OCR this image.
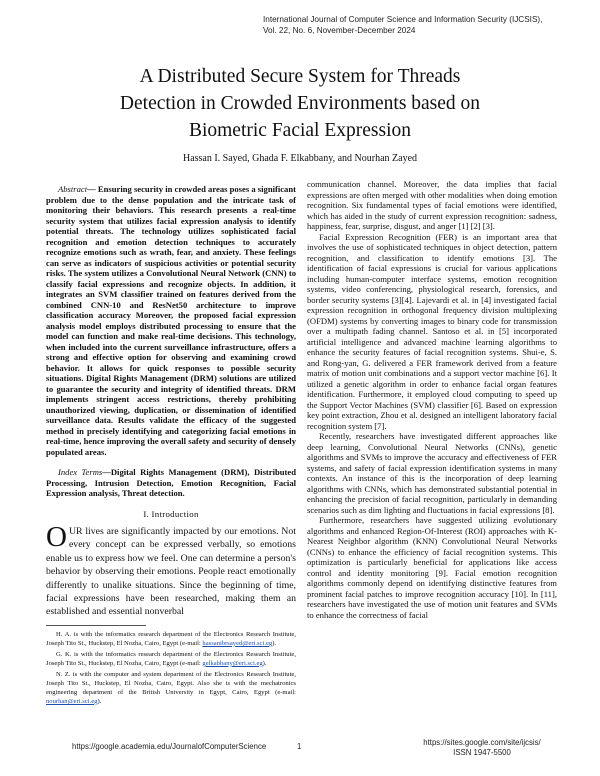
International Journal of Computer Science and Information Security (IJCSIS),
Vol. 22, No. 6, November-December 2024
A Distributed Secure System for Threads
Detection in Crowded Environments based on
Biometric Facial Expression
Hassan I. Sayed, Ghada F. Elkabbany, and Nourhan Zayed

Abstract— Ensuring security in crowded areas poses a significant problem due to the dense population and the intricate task of monitoring their behaviors. This research presents a real-time security system that utilizes facial expression analysis to identify potential threats. The technology utilizes sophisticated facial recognition and emotion detection techniques to accurately recognize emotions such as wrath, fear, and anxiety. These feelings can serve as indicators of suspicious activities or potential security risks. The system utilizes a Convolutional Neural Network (CNN) to classify facial expressions and recognize objects. In addition, it integrates an SVM classifier trained on features derived from the combined CNN-10 and ResNet50 architecture to improve classification accuracy Moreover, the proposed facial expression analysis model employs distributed processing to ensure that the model can function and make real-time decisions. This technology, when included into the current surveillance infrastructure, offers a strong and effective option for observing and examining crowd behavior. It allows for quick responses to possible security situations. Digital Rights Management (DRM) solutions are utilized to guarantee the security and integrity of identified threats. DRM implements stringent access restrictions, thereby prohibiting unauthorized viewing, duplication, or dissemination of identified surveillance data. Results validate the efficacy of the suggested method in precisely identifying and categorizing facial emotions in real-time, hence improving the overall safety and security of densely populated areas.

Index Terms—Digital Rights Management (DRM), Distributed Processing, Intrusion Detection, Emotion Recognition, Facial Expression analysis, Threat detection.

I. Introduction

OUR lives are significantly impacted by our emotions. Not every concept can be expressed verbally, so emotions enable us to express how we feel. One can determine a person's behavior by observing their emotions. People react emotionally differently to unalike situations. Since the beginning of time, facial expressions have been researched, making them an established and essential nonverbal

H. A. is with the informatics research department of the Electronics Research Institute, Joseph Tito St., Huckstep, El Nozha, Cairo, Egypt (e-mail: hassanibrsayed@eri.sci.eg).

G. K. is with the informatics research department of the Electronics Research Institute, Joseph Tito St., Huckstep, El Nozha, Cairo, Egypt (e-mail: gelkabbany@eri.sci.eg).

N. Z. is with the computer and system department of the Electronics Research Institute, Joseph Tito St., Huckstep, El Nozha, Cairo, Egypt. Also she is with the mechatronics engineering department of the British University in Egypt, Cairo, Egypt (e-mail: nourhan@eri.sci.eg).

communication channel. Moreover, the data implies that facial expressions are often merged with other modalities when doing emotion recognition. Six fundamental types of facial emotions were identified, which has aided in the study of current expression recognition: sadness, happiness, fear, surprise, disgust, and anger [1] [2] [3].

Facial Expression Recognition (FER) is an important area that involves the use of sophisticated techniques in object detection, pattern recognition, and classification to identify emotions [3]. The identification of facial expressions is crucial for various applications including human-computer interface systems, emotion recognition systems, video conferencing, physiological research, forensics, and border security systems [3][4]. Lajevardi et al. in [4] investigated facial expression recognition in orthogonal frequency division multiplexing (OFDM) systems by converting images to binary code for transmission over a multipath fading channel. Santoso et al. in [5] incorporated artificial intelligence and advanced machine learning algorithms to enhance the security features of facial recognition systems. Shui-e, S. and Rong-yan, G. delivered a FER framework derived from a feature matrix of motion unit combinations and a support vector machine [6]. It utilized a genetic algorithm in order to enhance facial organ features identification. Furthermore, it employed cloud computing to speed up the Support Vector Machines (SVM) classifier [6]. Based on expression key point extraction, Zhou et al. designed an intelligent laboratory facial recognition system [7].

Recently, researchers have investigated different approaches like deep learning, Convolutional Neural Networks (CNNs), genetic algorithms and SVMs to improve the accuracy and effectiveness of FER systems, and safety of facial expression identification systems in many contexts. An instance of this is the incorporation of deep learning algorithms with CNNs, which has demonstrated substantial potential in enhancing the precision of facial recognition, particularly in demanding scenarios such as dim lighting and fluctuations in facial expressions [8].

Furthermore, researchers have suggested utilizing evolutionary algorithms and enhanced Region-Of-Interest (ROI) approaches with K-Nearest Neighbor algorithm (KNN) Convolutional Neural Networks (CNNs) to enhance the efficiency of facial recognition systems. This optimization is particularly beneficial for applications like access control and identity monitoring [9]. Facial emotion recognition algorithms commonly depend on identifying distinctive features from prominent facial patches to improve recognition accuracy [10]. In [11], researchers have investigated the use of motion unit features and SVMs to enhance the correctness of facial

https://google.academia.edu/JournalofComputerScience	1	https://sites.google.com/site/ijcsis/
ISSN 1947-5500
